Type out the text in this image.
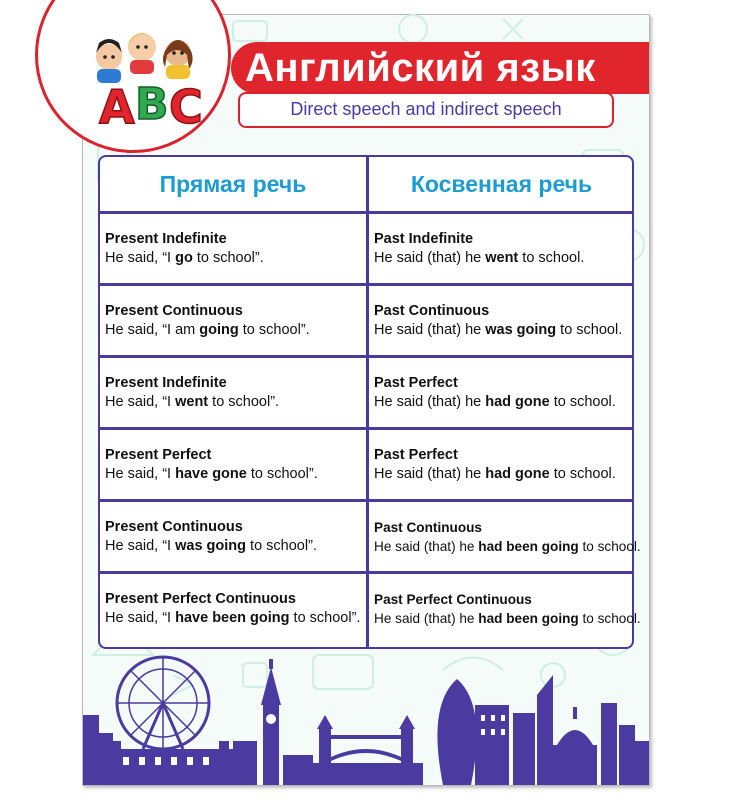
A B C
Английский язык
Direct speech and indirect speech
Прямая речь	Косвенная речь
Present Indefinite
He said, “I go to school”.
Past Indefinite
He said (that) he went to school.
Present Continuous
He said, “I am going to school”.
Past Continuous
He said (that) he was going to school.
Present Indefinite
He said, “I went to school”.
Past Perfect
He said (that) he had gone to school.
Present Perfect
He said, “I have gone to school”.
Past Perfect
He said (that) he had gone to school.
Present Continuous
He said, “I was going to school”.
Past Continuous
He said (that) he had been going to school.
Present Perfect Continuous
He said, “I have been going to school”.
Past Perfect Continuous
He said (that) he had been going to school.
